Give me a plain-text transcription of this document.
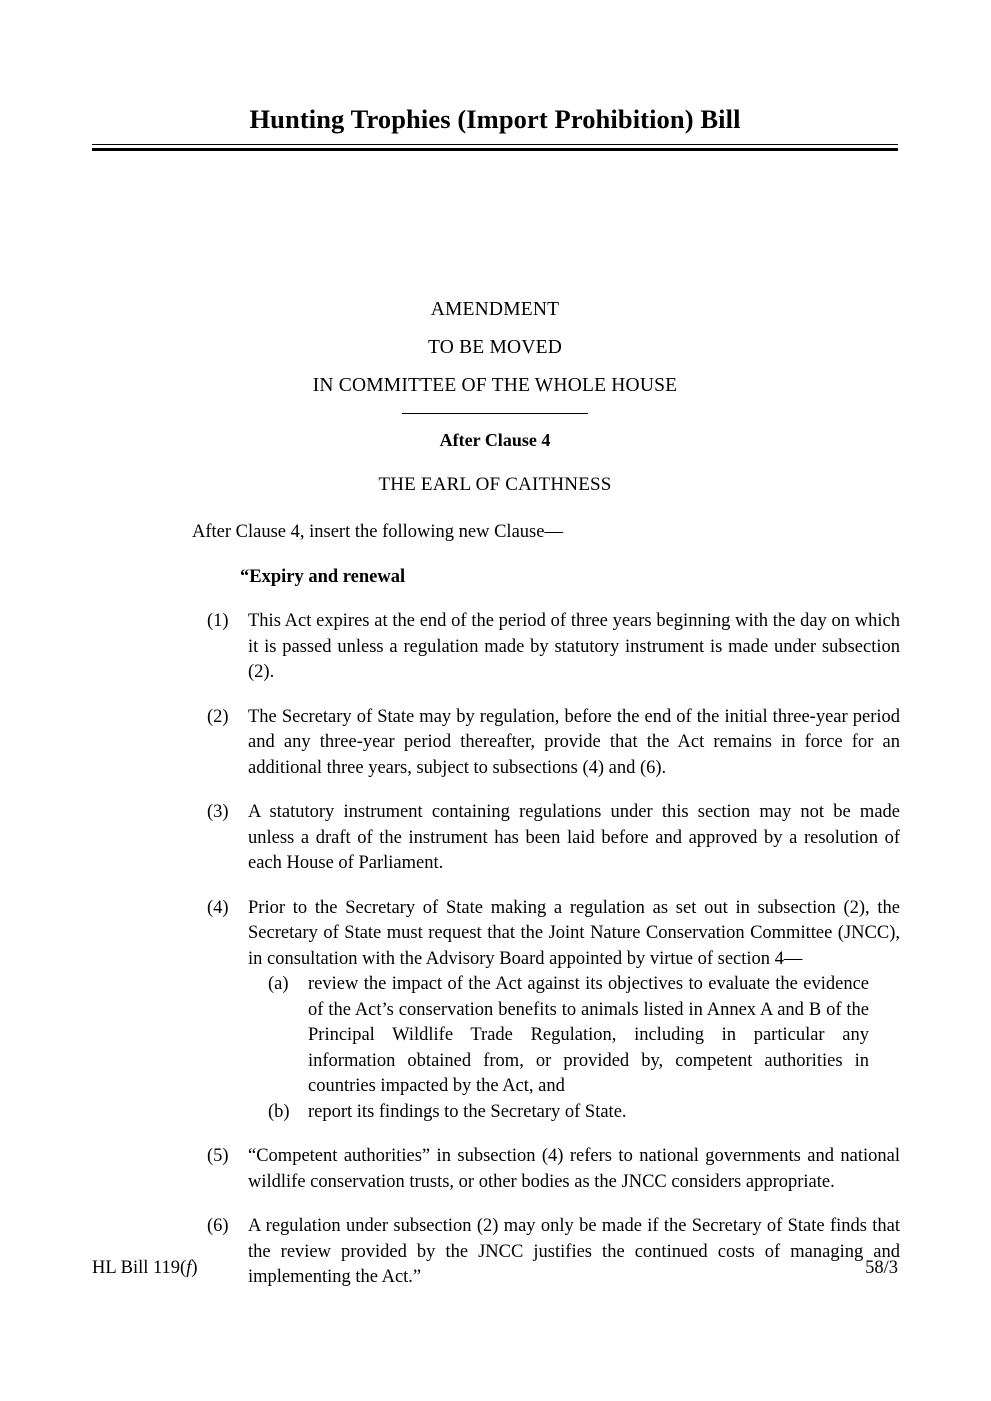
Hunting Trophies (Import Prohibition) Bill
AMENDMENT
TO BE MOVED
IN COMMITTEE OF THE WHOLE HOUSE
After Clause 4
THE EARL OF CAITHNESS
After Clause 4, insert the following new Clause—
“Expiry and renewal
(1)	This Act expires at the end of the period of three years beginning with the day on which it is passed unless a regulation made by statutory instrument is made under subsection (2).

(2)	The Secretary of State may by regulation, before the end of the initial three-year period and any three-year period thereafter, provide that the Act remains in force for an additional three years, subject to subsections (4) and (6).

(3)	A statutory instrument containing regulations under this section may not be made unless a draft of the instrument has been laid before and approved by a resolution of each House of Parliament.

(4)	Prior to the Secretary of State making a regulation as set out in subsection (2), the Secretary of State must request that the Joint Nature Conservation Committee (JNCC), in consultation with the Advisory Board appointed by virtue of section 4—

(a)	review the impact of the Act against its objectives to evaluate the evidence of the Act’s conservation benefits to animals listed in Annex A and B of the Principal Wildlife Trade Regulation, including in particular any information obtained from, or provided by, competent authorities in countries impacted by the Act, and

(b) report its findings to the Secretary of State.

(5)	“Competent authorities” in subsection (4) refers to national governments and national wildlife conservation trusts, or other bodies as the JNCC considers appropriate.

(6)	A regulation under subsection (2) may only be made if the Secretary of State finds that the review provided by the JNCC justifies the continued costs of managing and implementing the Act.”

HL Bill 119(f)	58/3
